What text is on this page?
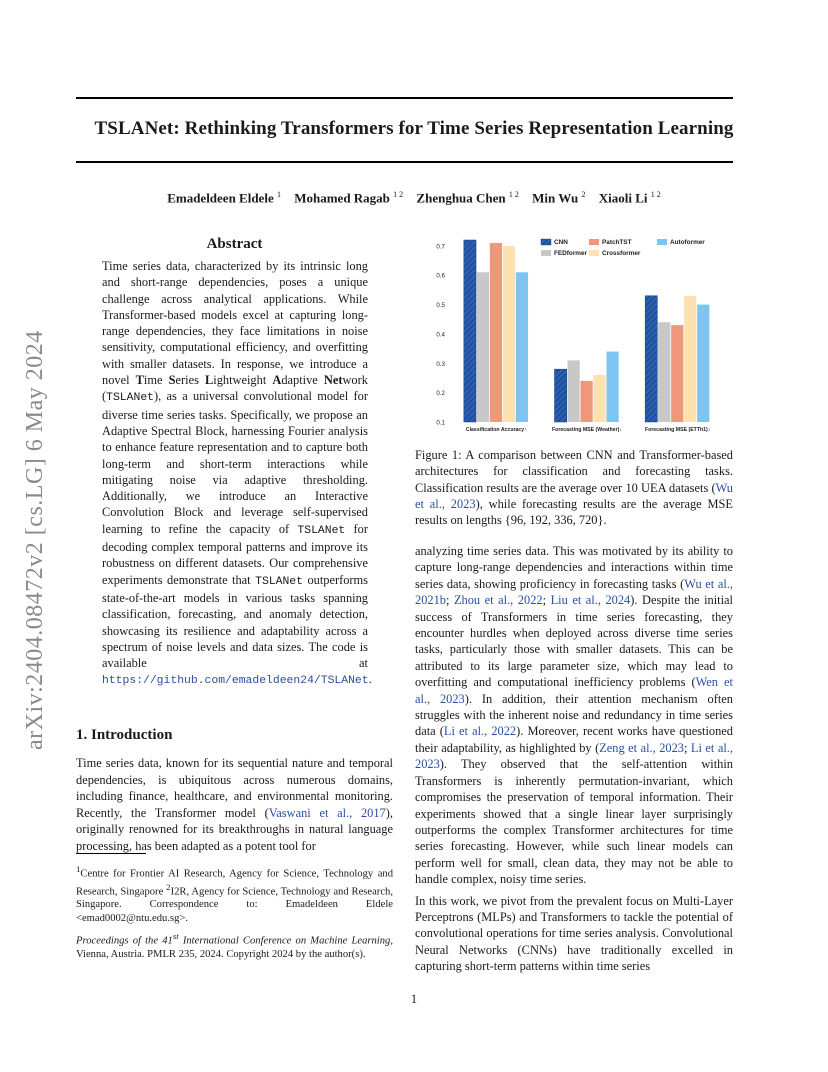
arXiv:2404.08472v2 [cs.LG] 6 May 2024
TSLANet: Rethinking Transformers for Time Series Representation Learning
Emadeldeen Eldele $^1$ Mohamed Ragab $^{1 2}$ Zhenghua Chen $^{1 2}$ Min Wu $^2$ Xiaoli Li $^{1 2}$
Abstract
Time series data, characterized by its intrinsic long and short-range dependencies, poses a unique challenge across analytical applications. While Transformer-based models excel at capturing long-range dependencies, they face limitations in noise sensitivity, computational efficiency, and overfitting with smaller datasets. In response, we introduce a novel Time Series Lightweight Adaptive Network (TSLANet), as a universal convolutional model for diverse time series tasks. Specifically, we propose an Adaptive Spectral Block, harnessing Fourier analysis to enhance feature representation and to capture both long-term and short-term interactions while mitigating noise via adaptive thresholding. Additionally, we introduce an Interactive Convolution Block and leverage self-supervised learning to refine the capacity of TSLANet for decoding complex temporal patterns and improve its robustness on different datasets. Our comprehensive experiments demonstrate that TSLANet outperforms state-of-the-art models in various tasks spanning classification, forecasting, and anomaly detection, showcasing its resilience and adaptability across a spectrum of noise levels and data sizes. The code is available at https://github.com/emadeldeen24/TSLANet.
1. Introduction
Time series data, known for its sequential nature and temporal dependencies, is ubiquitous across numerous domains, including finance, healthcare, and environmental monitoring. Recently, the Transformer model (Vaswani et al., 2017), originally renowned for its breakthroughs in natural language processing, has been adapted as a potent tool for
$^1$Centre for Frontier AI Research, Agency for Science, Technology and Research, Singapore $^2$I2R, Agency for Science, Technology and Research, Singapore. Correspondence to: Emadeldeen Eldele <emad0002@ntu.edu.sg>.
Proceedings of the 41st International Conference on Machine Learning, Vienna, Austria. PMLR 235, 2024. Copyright 2024 by the author(s).
0.1
0.2
0.3
0.4
0.5
0.6
0.7
Classification Accuracy↑	Forecasting MSE (Weather)↓	Forecasting MSE (ETTh1)↓
CNN	PatchTST	Autoformer
FEDformer Crossformer
Figure 1: A comparison between CNN and Transformer-based architectures for classification and forecasting tasks. Classification results are the average over 10 UEA datasets (Wu et al., 2023), while forecasting results are the average MSE results on lengths {96, 192, 336, 720}.

analyzing time series data. This was motivated by its ability to capture long-range dependencies and interactions within time series data, showing proficiency in forecasting tasks (Wu et al., 2021b; Zhou et al., 2022; Liu et al., 2024). Despite the initial success of Transformers in time series forecasting, they encounter hurdles when deployed across diverse time series tasks, particularly those with smaller datasets. This can be attributed to its large parameter size, which may lead to overfitting and computational inefficiency problems (Wen et al., 2023). In addition, their attention mechanism often struggles with the inherent noise and redundancy in time series data (Li et al., 2022). Moreover, recent works have questioned their adaptability, as highlighted by (Zeng et al., 2023; Li et al., 2023). They observed that the self-attention within Transformers is inherently permutation-invariant, which compromises the preservation of temporal information. Their experiments showed that a single linear layer surprisingly outperforms the complex Transformer architectures for time series forecasting. However, while such linear models can perform well for small, clean data, they may not be able to handle complex, noisy time series.

In this work, we pivot from the prevalent focus on Multi-Layer Perceptrons (MLPs) and Transformers to tackle the potential of convolutional operations for time series analysis. Convolutional Neural Networks (CNNs) have traditionally excelled in capturing short-term patterns within time series

1
